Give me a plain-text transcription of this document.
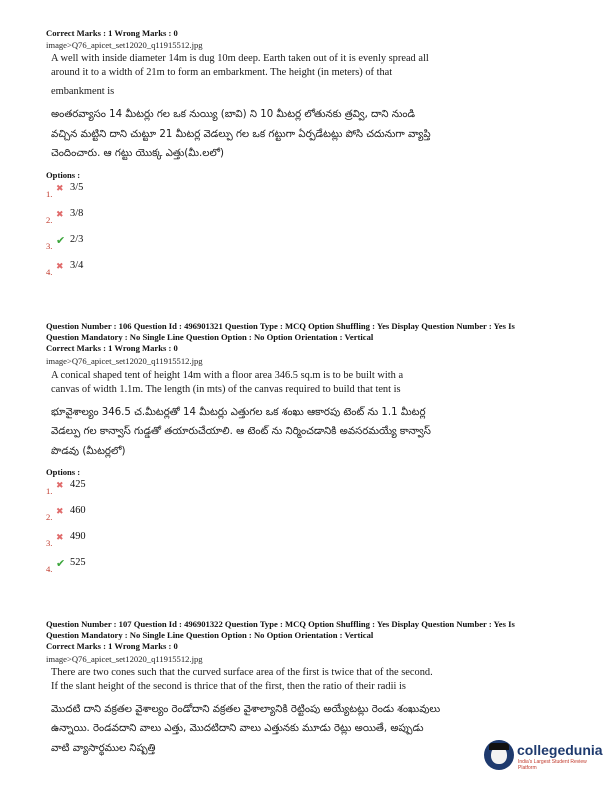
Correct Marks : 1 Wrong Marks : 0
image>Q76_apicet_set12020_q11915512.jpg
A well with inside diameter 14m is dug 10m deep. Earth taken out of it is evenly spread all
around it to a width of 21m to form an embarkment. The height (in meters) of that
embankment is
అంతరవ్యాసం 14 మీటర్లు గల ఒక నుయ్యి (బావి) ని 10 మీటర్ల లోతునకు త్రవ్వి, దాని నుండి
వచ్చిన మట్టిని దాని చుట్టూ 21 మీటర్ల వెడల్పు గల ఒక గట్టుగా ఏర్పడేటట్లు పోసి చదునుగా వ్యాప్తి
చెందించారు. ఆ గట్టు యొక్క ఎత్తు(మీ.లలో)
Options :
1.
✖ 3/5
2.
✖ 3/8
3. ✔ 2/3
4.
✖ 3/4
Question Number : 106 Question Id : 496901321 Question Type : MCQ Option Shuffling : Yes Display Question Number : Yes Is
Question Mandatory : No Single Line Question Option : No Option Orientation : Vertical
Correct Marks : 1 Wrong Marks : 0
image>Q76_apicet_set12020_q11915512.jpg
A conical shaped tent of height 14m with a floor area 346.5 sq.m is to be built with a
canvas of width 1.1m. The length (in mts) of the canvas required to build that tent is
భూవైశాల్యం 346.5 చ.మీటర్లతో 14 మీటర్లు ఎత్తుగల ఒక శంఖు ఆకారపు టెంట్ ను 1.1 మీటర్ల
వెడల్పు గల కాన్వాస్ గుడ్డతో తయారుచేయాలి. ఆ టెంట్ ను నిర్మించడానికి అవసరమయ్యే కాన్వాస్
పొడవు (మీటర్లలో)
Options :
1.
✖ 425
2.
✖ 460
3.
✖ 490
4. ✔ 525
Question Number : 107 Question Id : 496901322 Question Type : MCQ Option Shuffling : Yes Display Question Number : Yes Is
Question Mandatory : No Single Line Question Option : No Option Orientation : Vertical
Correct Marks : 1 Wrong Marks : 0
image>Q76_apicet_set12020_q11915512.jpg
There are two cones such that the curved surface area of the first is twice that of the second.
If the slant height of the second is thrice that of the first, then the ratio of their radii is
మొదటి దాని వక్రతల వైశాల్యం రెండోదాని వక్రతల వైశాల్యానికి రెట్టింపు అయ్యేటట్లు రెండు శంఖువులు
ఉన్నాయి. రెండవదాని వాలు ఎత్తు, మొదటిదాని వాలు ఎత్తునకు మూడు రెట్లు అయితే, అప్పుడు
వాటి వ్యాసార్థముల నిష్పత్తి	collegedunia
India's Largest Student Review Platform
